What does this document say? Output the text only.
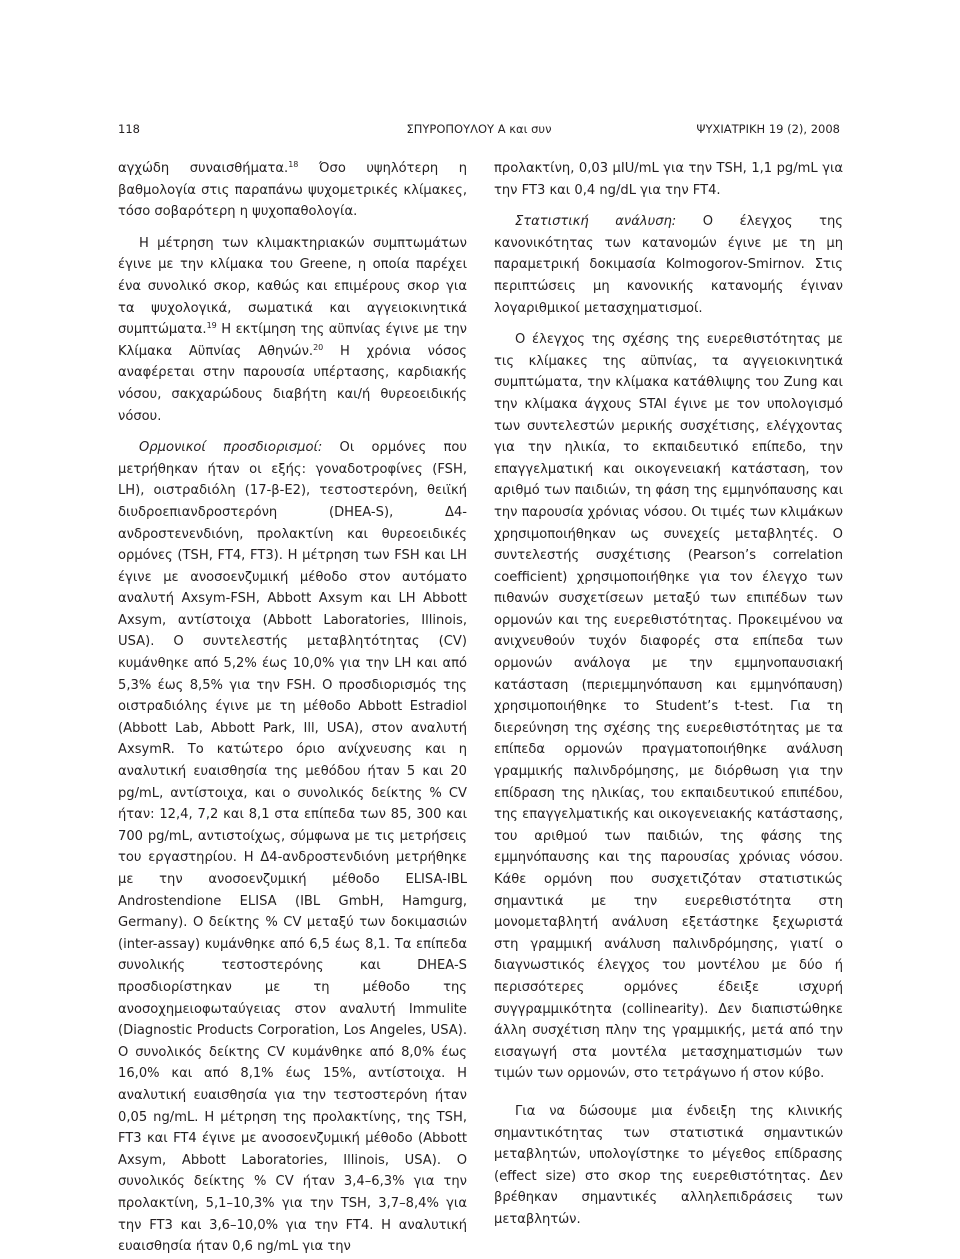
118	ΣΠΥΡΟΠΟΥΛΟΥ Α και συν	ΨΥΧΙΑΤΡΙΚΗ 19 (2), 2008

αγχώδη συναισθήματα.$^{18}$ Όσο υψηλότερη η βαθμολογία στις παραπάνω ψυχομετρικές κλίμακες, τόσο σοβαρότερη η ψυχοπαθολογία.

Η μέτρηση των κλιμακτηριακών συμπτωμάτων έγινε με την κλίμακα του Greene, η οποία παρέχει ένα συνολικό σκορ, καθώς και επιμέρους σκορ για τα ψυχολογικά, σωματικά και αγγειοκινητικά συμπτώματα.$^{19}$ Η εκτίμηση της αϋπνίας έγινε με την Κλίμακα Αϋπνίας Αθηνών.$^{20}$ Η χρόνια νόσος αναφέρεται στην παρουσία υπέρτασης, καρδιακής νόσου, σακχαρώδους διαβήτη και/ή θυρεοειδικής νόσου.

Ορμονικοί προσδιορισμοί: Οι ορμόνες που μετρήθηκαν ήταν οι εξής: γοναδοτροφίνες (FSH, LH), οιστραδιόλη (17-β-Ε2), τεστοστερόνη, θειϊκή διυδροεπιανδροστερόνη (DHEA-S), Δ4-ανδροστενενδιόνη, προλακτίνη και θυρεοειδικές ορμόνες (TSH, FT4, FT3). Η μέτρηση των FSH και LH έγινε με ανοσοενζυμική μέθοδο στον αυτόματο αναλυτή Axsym-FSH, Abbott Axsym και LH Abbott Axsym, αντίστοιχα (Abbott Laboratories, Illinois, USA). Ο συντελεστής μεταβλητότητας (CV) κυμάνθηκε από 5,2% έως 10,0% για την LH και από 5,3% έως 8,5% για την FSH. Ο προσδιορισμός της οιστραδιόλης έγινε με τη μέθοδο Abbott Estradiol (Abbott Lab, Abbott Park, Ill, USA), στον αναλυτή AxsymR. Το κατώτερο όριο ανίχνευσης και η αναλυτική ευαισθησία της μεθόδου ήταν 5 και 20 pg/mL, αντίστοιχα, και ο συνολικός δείκτης % CV ήταν: 12,4, 7,2 και 8,1 στα επίπεδα των 85, 300 και 700 pg/mL, αντιστοίχως, σύμφωνα με τις μετρήσεις του εργαστηρίου. Η Δ4-ανδροστενδιόνη μετρήθηκε με την ανοσοενζυμική μέθοδο ELISA-IBL Androstendione ELISA (IBL GmbH, Hamgurg, Germany). Ο δείκτης % CV μεταξύ των δοκιμασιών (inter-assay) κυμάνθηκε από 6,5 έως 8,1. Τα επίπεδα συνολικής τεστοστερόνης και DHEA-S προσδιορίστηκαν με τη μέθοδο της ανοσοχημειοφωταύγειας στον αναλυτή Immulite (Diagnostic Products Corporation, Los Angeles, USA). Ο συνολικός δείκτης CV κυμάνθηκε από 8,0% έως 16,0% και από 8,1% έως 15%, αντίστοιχα. Η αναλυτική ευαισθησία για την τεστοστερόνη ήταν 0,05 ng/mL. Η μέτρηση της προλακτίνης, της TSH, FT3 και FT4 έγινε με ανοσοενζυμική μέθοδο (Abbott Axsym, Abbott Laboratories, Illinois, USA). Ο συνολικός δείκτης % CV ήταν 3,4–6,3% για την προλακτίνη, 5,1–10,3% για την TSH, 3,7–8,4% για την FT3 και 3,6–10,0% για την FT4. Η αναλυτική ευαισθησία ήταν 0,6 ng/mL για την

προλακτίνη, 0,03 μIU/mL για την TSH, 1,1 pg/mL για την FT3 και 0,4 ng/dL για την FT4.

Στατιστική ανάλυση: Ο έλεγχος της κανονικότητας των κατανομών έγινε με τη μη παραμετρική δοκιμασία Kolmogorov-Smirnov. Στις περιπτώσεις μη κανονικής κατανομής έγιναν λογαριθμικοί μετασχηματισμοί.

Ο έλεγχος της σχέσης της ευερεθιστότητας με τις κλίμακες της αϋπνίας, τα αγγειοκινητικά συμπτώματα, την κλίμακα κατάθλιψης του Zung και την κλίμακα άγχους STAI έγινε με τον υπολογισμό των συντελεστών μερικής συσχέτισης, ελέγχοντας για την ηλικία, το εκπαιδευτικό επίπεδο, την επαγγελματική και οικογενειακή κατάσταση, τον αριθμό των παιδιών, τη φάση της εμμηνόπαυσης και την παρουσία χρόνιας νόσου. Οι τιμές των κλιμάκων χρησιμοποιήθηκαν ως συνεχείς μεταβλητές. Ο συντελεστής συσχέτισης (Pearson’s correlation coefficient) χρησιμοποιήθηκε για τον έλεγχο των πιθανών συσχετίσεων μεταξύ των επιπέδων των ορμονών και της ευερεθιστότητας. Προκειμένου να ανιχνευθούν τυχόν διαφορές στα επίπεδα των ορμονών ανάλογα με την εμμηνοπαυσιακή κατάσταση (περιεμμηνόπαυση και εμμηνόπαυση) χρησιμοποιήθηκε το Student’s t-test. Για τη διερεύνηση της σχέσης της ευερεθιστότητας με τα επίπεδα ορμονών πραγματοποιήθηκε ανάλυση γραμμικής παλινδρόμησης, με διόρθωση για την επίδραση της ηλικίας, του εκπαιδευτικού επιπέδου, της επαγγελματικής και οικογενειακής κατάστασης, του αριθμού των παιδιών, της φάσης της εμμηνόπαυσης και της παρουσίας χρόνιας νόσου. Κάθε ορμόνη που συσχετιζόταν στατιστικώς σημαντικά με την ευερεθιστότητα στη μονομεταβλητή ανάλυση εξετάστηκε ξεχωριστά στη γραμμική ανάλυση παλινδρόμησης, γιατί ο διαγνωστικός έλεγχος του μοντέλου με δύο ή περισσότερες ορμόνες έδειξε ισχυρή συγγραμμικότητα (collinearity). Δεν διαπιστώθηκε άλλη συσχέτιση πλην της γραμμικής, μετά από την εισαγωγή στα μοντέλα μετασχηματισμών των τιμών των ορμονών, στο τετράγωνο ή στον κύβο.

Για να δώσουμε μια ένδειξη της κλινικής σημαντικότητας των στατιστικά σημαντικών μεταβλητών, υπολογίστηκε το μέγεθος επίδρασης (effect size) στο σκορ της ευερεθιστότητας. Δεν βρέθηκαν σημαντικές αλληλεπιδράσεις των μεταβλητών.
